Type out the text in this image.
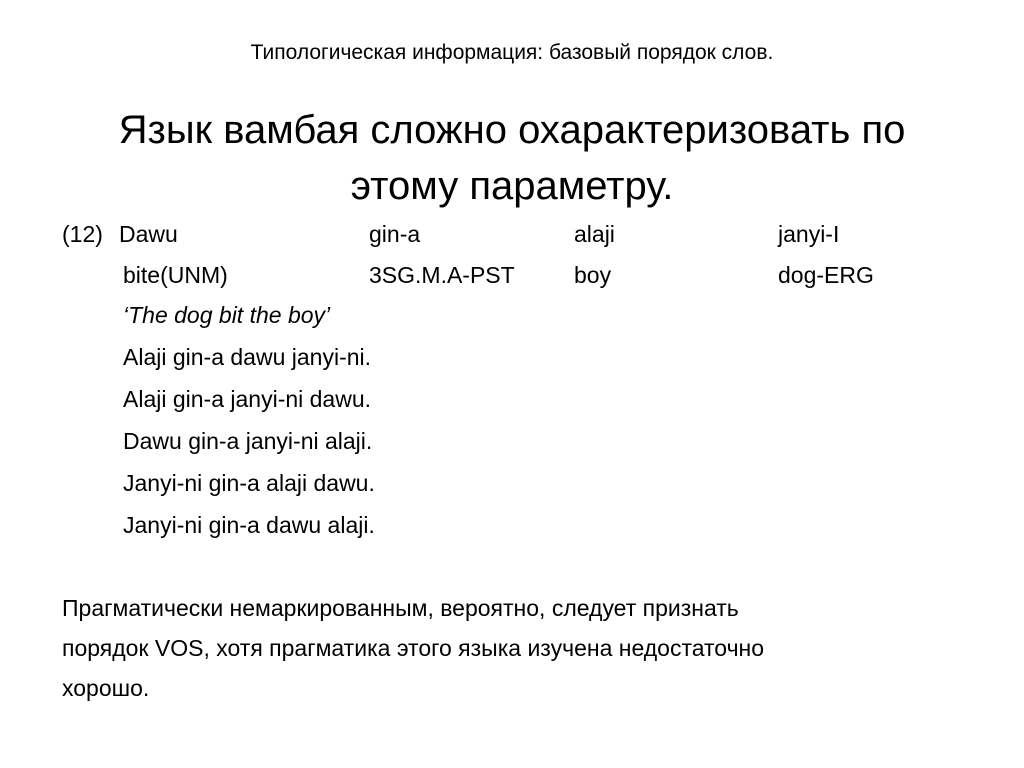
Типологическая информация: базовый порядок слов.
Язык вамбая сложно охарактеризовать по
этому параметру.
(12) Dawu	gin-a	alaji	janyi-I
bite(UNM)	3SG.M.A-PST	boy	dog-ERG
‘The dog bit the boy’
Alaji gin-a dawu janyi-ni.
Alaji gin-a janyi-ni dawu.
Dawu gin-a janyi-ni alaji.
Janyi-ni gin-a alaji dawu.
Janyi-ni gin-a dawu alaji.

Прагматически немаркированным, вероятно, следует признать
порядок VOS, хотя прагматика этого языка изучена недостаточно
хорошо.
